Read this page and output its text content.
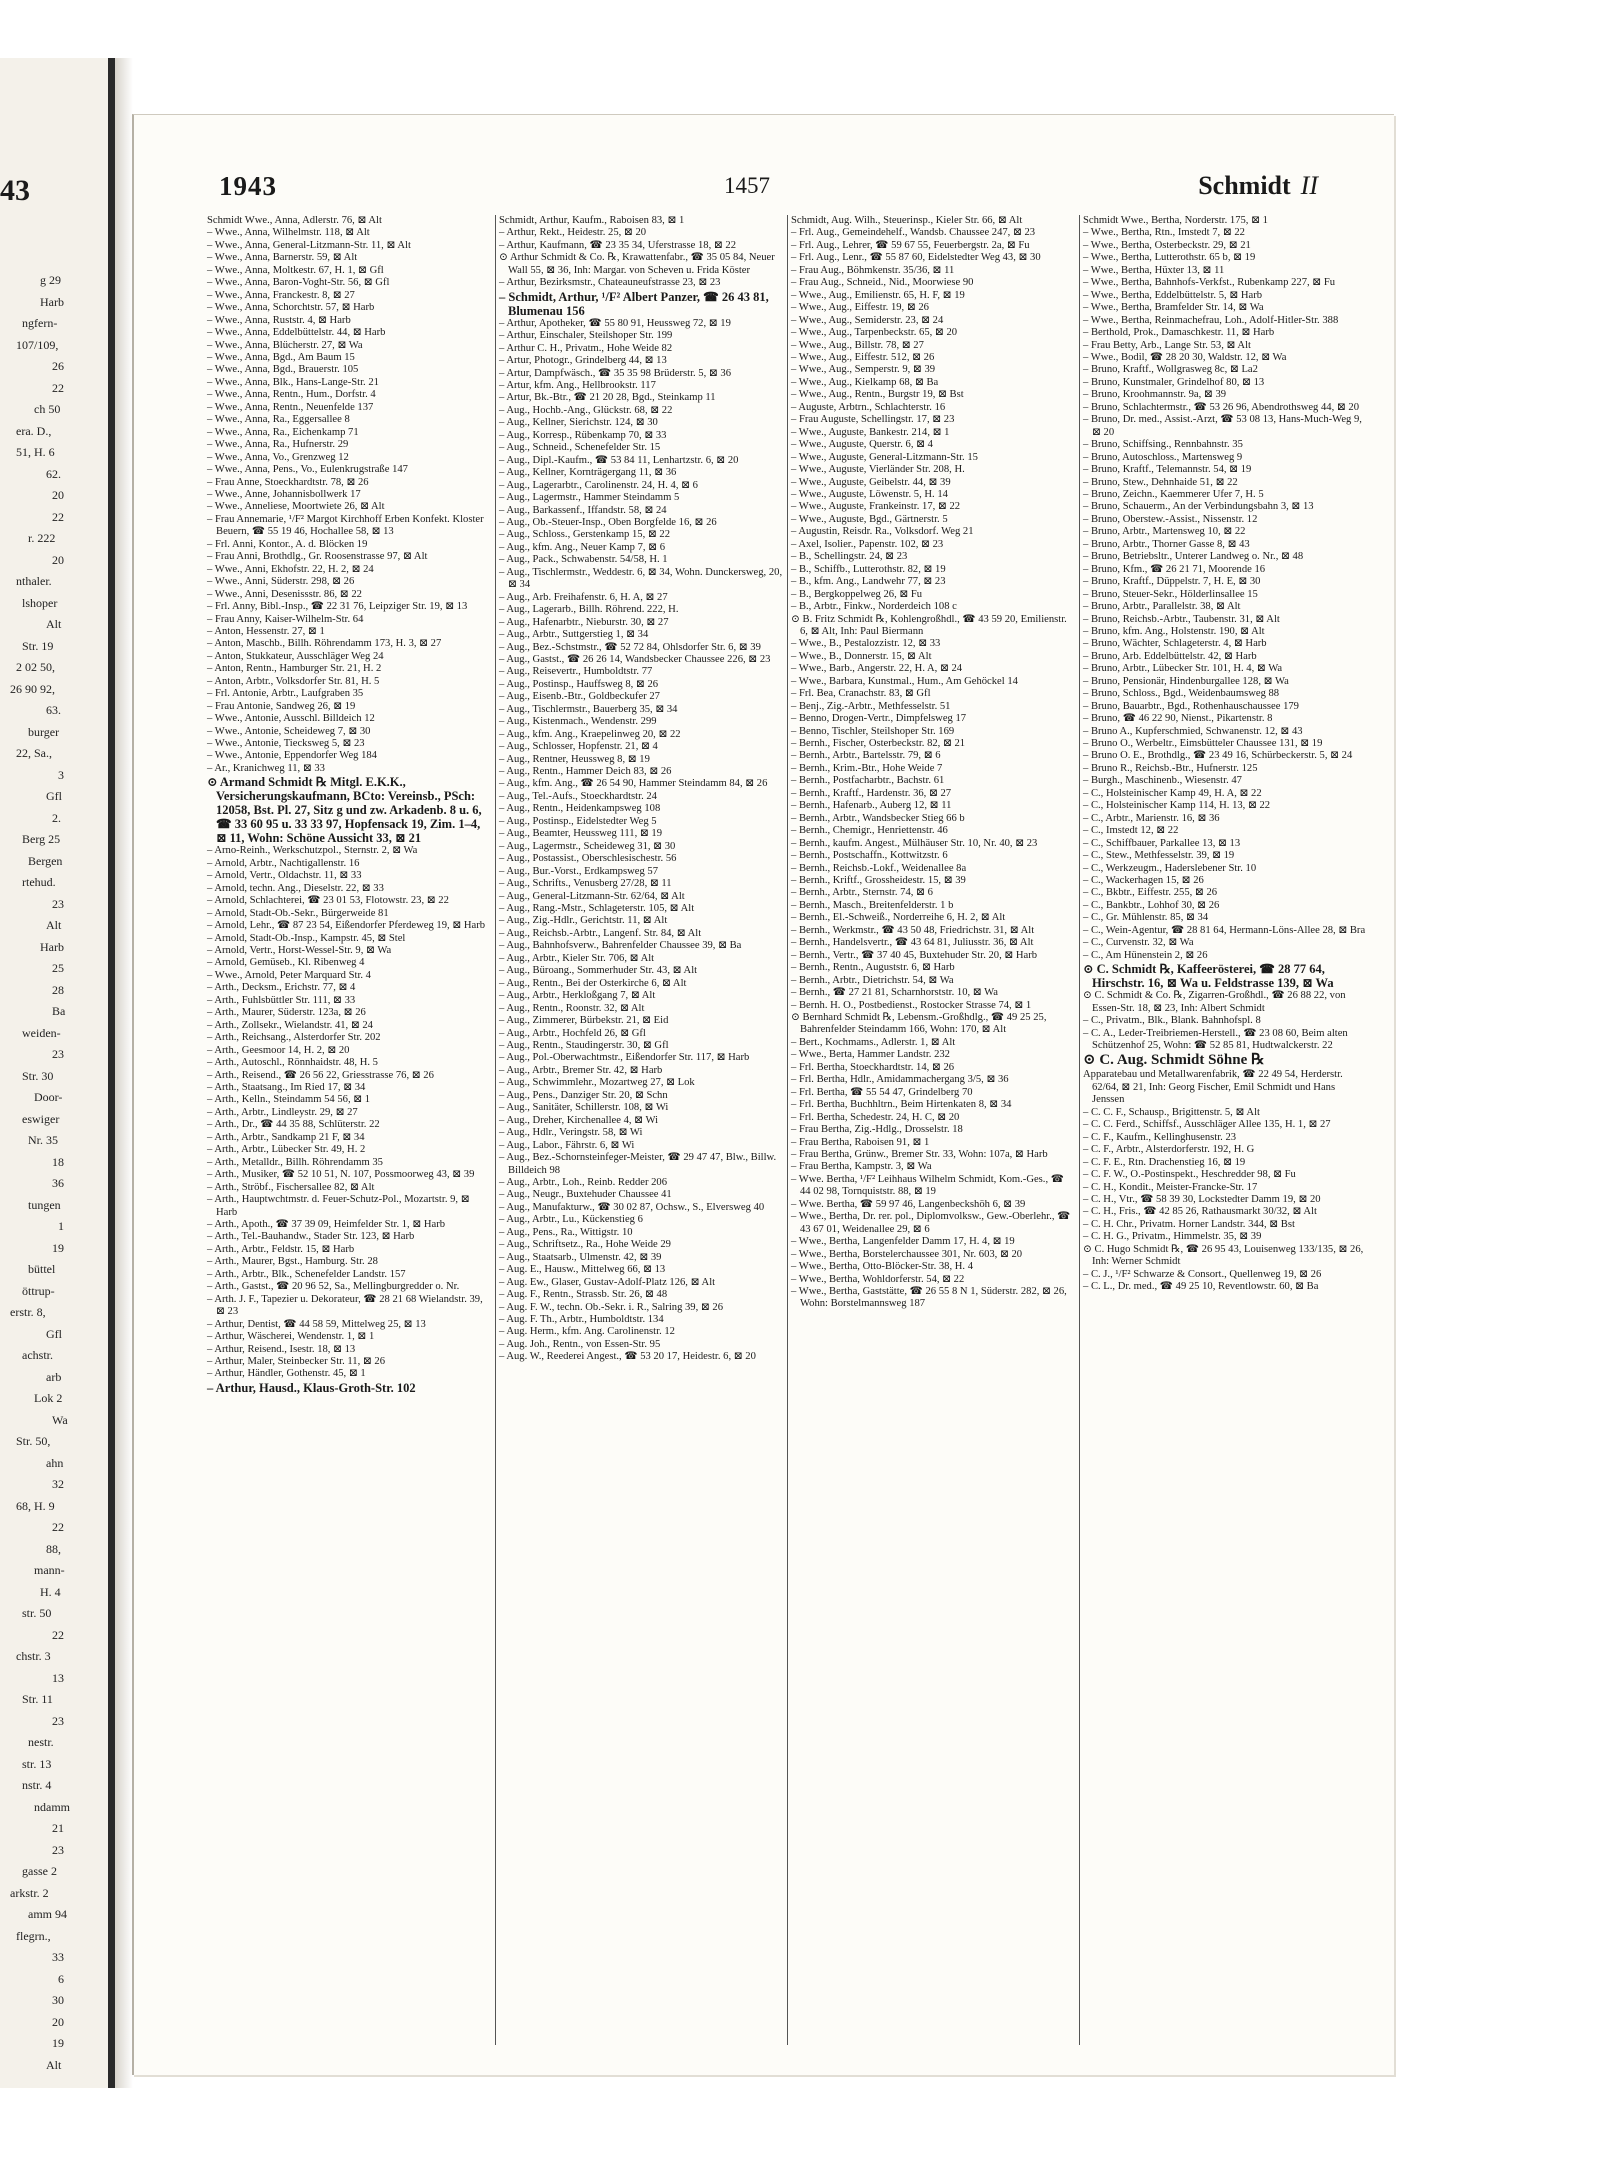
43
g 29
Harb
ngfern-
107/109,
26
22
ch 50
era. D.,
51, H. 6
62.
20
22
r. 222
20
nthaler.
lshoper
Alt
Str. 19
2 02 50,
26 90 92,
63.
burger
22, Sa.,
3
Gfl
2.
Berg 25
Bergen
rtehud.
23
Alt
Harb
25
28
Ba
weiden-
23
Str. 30
Door-
eswiger
Nr. 35
18
36
tungen
1
19
büttel
öttrup-
erstr. 8,
Gfl
achstr.
arb
Lok 2
Wa
Str. 50,
ahn
32
68, H. 9
22
88,
mann-
H. 4
str. 50
22
chstr. 3
13
Str. 11
23
nestr.
str. 13
nstr. 4
ndamm
21
23
gasse 2
arkstr. 2
amm 94
flegrn.,
33
6
30
20
19
Alt
1943	1457	Schmidt II
Schmidt Wwe., Anna, Adlerstr. 76, ⊠ Alt
– Wwe., Anna, Wilhelmstr. 118, ⊠ Alt
– Wwe., Anna, General-Litzmann-Str. 11, ⊠ Alt
– Wwe., Anna, Barnerstr. 59, ⊠ Alt
– Wwe., Anna, Moltkestr. 67, H. 1, ⊠ Gfl
– Wwe., Anna, Baron-Voght-Str. 56, ⊠ Gfl
– Wwe., Anna, Franckestr. 8, ⊠ 27
– Wwe., Anna, Schorchtstr. 57, ⊠ Harb
– Wwe., Anna, Ruststr. 4, ⊠ Harb
– Wwe., Anna, Eddelbüttelstr. 44, ⊠ Harb
– Wwe., Anna, Blücherstr. 27, ⊠ Wa
– Wwe., Anna, Bgd., Am Baum 15
– Wwe., Anna, Bgd., Brauerstr. 105
– Wwe., Anna, Blk., Hans-Lange-Str. 21
– Wwe., Anna, Rentn., Hum., Dorfstr. 4
– Wwe., Anna, Rentn., Neuenfelde 137
– Wwe., Anna, Ra., Eggersallee 8
– Wwe., Anna, Ra., Eichenkamp 71
– Wwe., Anna, Ra., Hufnerstr. 29
– Wwe., Anna, Vo., Grenzweg 12
– Wwe., Anna, Pens., Vo., Eulenkrugstraße 147
– Frau Anne, Stoeckhardtstr. 78, ⊠ 26
– Wwe., Anne, Johannisbollwerk 17
– Wwe., Anneliese, Moortwiete 26, ⊠ Alt
– Frau Annemarie, ¹/F² Margot Kirchhoff Erben Konfekt. Kloster Beuern, ☎ 55 19 46, Hochallee 58, ⊠ 13
– Frl. Anni, Kontor., A. d. Blöcken 19
– Frau Anni, Brothdlg., Gr. Roosenstrasse 97, ⊠ Alt
– Wwe., Anni, Ekhofstr. 22, H. 2, ⊠ 24
– Wwe., Anni, Süderstr. 298, ⊠ 26
– Wwe., Anni, Desenissstr. 86, ⊠ 22
– Frl. Anny, Bibl.-Insp., ☎ 22 31 76, Leipziger Str. 19, ⊠ 13
– Frau Anny, Kaiser-Wilhelm-Str. 64
– Anton, Hessenstr. 27, ⊠ 1
– Anton, Maschb., Billh. Röhrendamm 173, H. 3, ⊠ 27
– Anton, Stukkateur, Ausschläger Weg 24
– Anton, Rentn., Hamburger Str. 21, H. 2
– Anton, Arbtr., Volksdorfer Str. 81, H. 5
– Frl. Antonie, Arbtr., Laufgraben 35
– Frau Antonie, Sandweg 26, ⊠ 19
– Wwe., Antonie, Ausschl. Billdeich 12
– Wwe., Antonie, Scheideweg 7, ⊠ 30
– Wwe., Antonie, Tiecksweg 5, ⊠ 23
– Wwe., Antonie, Eppendorfer Weg 184
– Ar., Kranichweg 11, ⊠ 33
⊙ Armand Schmidt ℞ Mitgl. E.K.K., Versicherungskaufmann, BCto: Vereinsb., PSch: 12058, Bst. Pl. 27, Sitz g und zw. Arkadenb. 8 u. 6, ☎ 33 60 95 u. 33 33 97, Hopfensack 19, Zim. 1–4, ⊠ 11, Wohn: Schöne Aussicht 33, ⊠ 21
– Arno-Reinh., Werkschutzpol., Sternstr. 2, ⊠ Wa
– Arnold, Arbtr., Nachtigallenstr. 16
– Arnold, Vertr., Oldachstr. 11, ⊠ 33
– Arnold, techn. Ang., Dieselstr. 22, ⊠ 33
– Arnold, Schlachterei, ☎ 23 01 53, Flotowstr. 23, ⊠ 22
– Arnold, Stadt-Ob.-Sekr., Bürgerweide 81
– Arnold, Lehr., ☎ 87 23 54, Eißendorfer Pferdeweg 19, ⊠ Harb
– Arnold, Stadt-Ob.-Insp., Kampstr. 45, ⊠ Stel
– Arnold, Vertr., Horst-Wessel-Str. 9, ⊠ Wa
– Arnold, Gemüseb., Kl. Ribenweg 4
– Wwe., Arnold, Peter Marquard Str. 4
– Arth., Decksm., Erichstr. 77, ⊠ 4
– Arth., Fuhlsbüttler Str. 111, ⊠ 33
– Arth., Maurer, Süderstr. 123a, ⊠ 26
– Arth., Zollsekr., Wielandstr. 41, ⊠ 24
– Arth., Reichsang., Alsterdorfer Str. 202
– Arth., Geesmoor 14, H. 2, ⊠ 20
– Arth., Autoschl., Rönnhaidstr. 48, H. 5
– Arth., Reisend., ☎ 26 56 22, Griesstrasse 76, ⊠ 26
– Arth., Staatsang., Im Ried 17, ⊠ 34
– Arth., Kelln., Steindamm 54 56, ⊠ 1
– Arth., Arbtr., Lindleystr. 29, ⊠ 27
– Arth., Dr., ☎ 44 35 88, Schlüterstr. 22
– Arth., Arbtr., Sandkamp 21 F, ⊠ 34
– Arth., Arbtr., Lübecker Str. 49, H. 2
– Arth., Metalldr., Billh. Röhrendamm 35
– Arth., Musiker, ☎ 52 10 51, N. 107, Possmoorweg 43, ⊠ 39
– Arth., Ströbf., Fischersallee 82, ⊠ Alt
– Arth., Hauptwchtmstr. d. Feuer-Schutz-Pol., Mozartstr. 9, ⊠ Harb
– Arth., Apoth., ☎ 37 39 09, Heimfelder Str. 1, ⊠ Harb
– Arth., Tel.-Bauhandw., Stader Str. 123, ⊠ Harb
– Arth., Arbtr., Feldstr. 15, ⊠ Harb
– Arth., Maurer, Bgst., Hamburg. Str. 28
– Arth., Arbtr., Blk., Schenefelder Landstr. 157
– Arth., Gastst., ☎ 20 96 52, Sa., Mellingburgredder o. Nr.
– Arth. J. F., Tapezier u. Dekorateur, ☎ 28 21 68 Wielandstr. 39, ⊠ 23
– Arthur, Dentist, ☎ 44 58 59, Mittelweg 25, ⊠ 13
– Arthur, Wäscherei, Wendenstr. 1, ⊠ 1
– Arthur, Reisend., Isestr. 18, ⊠ 13
– Arthur, Maler, Steinbecker Str. 11, ⊠ 26
– Arthur, Händler, Gothenstr. 45, ⊠ 1
– Arthur, Hausd., Klaus-Groth-Str. 102
Schmidt, Arthur, Kaufm., Raboisen 83, ⊠ 1
– Arthur, Rekt., Heidestr. 25, ⊠ 20
– Arthur, Kaufmann, ☎ 23 35 34, Uferstrasse 18, ⊠ 22
⊙ Arthur Schmidt & Co. ℞, Krawattenfabr., ☎ 35 05 84, Neuer Wall 55, ⊠ 36, Inh: Margar. von Scheven u. Frida Köster
– Arthur, Bezirksmstr., Chateauneufstrasse 23, ⊠ 23
– Schmidt, Arthur, ¹/F² Albert Panzer, ☎ 26 43 81, Blumenau 156
– Arthur, Apotheker, ☎ 55 80 91, Heussweg 72, ⊠ 19
– Arthur, Einschaler, Steilshoper Str. 199
– Arthur C. H., Privatm., Hohe Weide 82
– Artur, Photogr., Grindelberg 44, ⊠ 13
– Artur, Dampfwäsch., ☎ 35 35 98 Brüderstr. 5, ⊠ 36
– Artur, kfm. Ang., Hellbrookstr. 117
– Artur, Bk.-Btr., ☎ 21 20 28, Bgd., Steinkamp 11
– Aug., Hochb.-Ang., Glückstr. 68, ⊠ 22
– Aug., Kellner, Sierichstr. 124, ⊠ 30
– Aug., Korresp., Rübenkamp 70, ⊠ 33
– Aug., Schneid., Schenefelder Str. 15
– Aug., Dipl.-Kaufm., ☎ 53 84 11, Lenhartzstr. 6, ⊠ 20
– Aug., Kellner, Kornträgergang 11, ⊠ 36
– Aug., Lagerarbtr., Carolinenstr. 24, H. 4, ⊠ 6
– Aug., Lagermstr., Hammer Steindamm 5
– Aug., Barkassenf., Iffandstr. 58, ⊠ 24
– Aug., Ob.-Steuer-Insp., Oben Borgfelde 16, ⊠ 26
– Aug., Schloss., Gerstenkamp 15, ⊠ 22
– Aug., kfm. Ang., Neuer Kamp 7, ⊠ 6
– Aug., Pack., Schwabenstr. 54/58, H. 1
– Aug., Tischlermstr., Weddestr. 6, ⊠ 34, Wohn. Dunckersweg, 20, ⊠ 34
– Aug., Arb. Freihafenstr. 6, H. A, ⊠ 27
– Aug., Lagerarb., Billh. Röhrend. 222, H.
– Aug., Hafenarbtr., Nieburstr. 30, ⊠ 27
– Aug., Arbtr., Suttgerstieg 1, ⊠ 34
– Aug., Bez.-Schstmstr., ☎ 52 72 84, Ohlsdorfer Str. 6, ⊠ 39
– Aug., Gastst., ☎ 26 26 14, Wandsbecker Chaussee 226, ⊠ 23
– Aug., Reisevertr., Humboldtstr. 77
– Aug., Postinsp., Hauffsweg 8, ⊠ 26
– Aug., Eisenb.-Btr., Goldbeckufer 27
– Aug., Tischlermstr., Bauerberg 35, ⊠ 34
– Aug., Kistenmach., Wendenstr. 299
– Aug., kfm. Ang., Kraepelinweg 20, ⊠ 22
– Aug., Schlosser, Hopfenstr. 21, ⊠ 4
– Aug., Rentner, Heussweg 8, ⊠ 19
– Aug., Rentn., Hammer Deich 83, ⊠ 26
– Aug., kfm. Ang., ☎ 26 54 90, Hammer Steindamm 84, ⊠ 26
– Aug., Tel.-Aufs., Stoeckhardtstr. 24
– Aug., Rentn., Heidenkampsweg 108
– Aug., Postinsp., Eidelstedter Weg 5
– Aug., Beamter, Heussweg 111, ⊠ 19
– Aug., Lagermstr., Scheideweg 31, ⊠ 30
– Aug., Postassist., Oberschlesischestr. 56
– Aug., Bur.-Vorst., Erdkampsweg 57
– Aug., Schrifts., Venusberg 27/28, ⊠ 11
– Aug., General-Litzmann-Str. 62/64, ⊠ Alt
– Aug., Rang.-Mstr., Schlageterstr. 105, ⊠ Alt
– Aug., Zig.-Hdlr., Gerichtstr. 11, ⊠ Alt
– Aug., Reichsb.-Arbtr., Langenf. Str. 84, ⊠ Alt
– Aug., Bahnhofsverw., Bahrenfelder Chaussee 39, ⊠ Ba
– Aug., Arbtr., Kieler Str. 706, ⊠ Alt
– Aug., Büroang., Sommerhuder Str. 43, ⊠ Alt
– Aug., Rentn., Bei der Osterkirche 6, ⊠ Alt
– Aug., Arbtr., Herkloßgang 7, ⊠ Alt
– Aug., Rentn., Roonstr. 32, ⊠ Alt
– Aug., Zimmerer, Bürbekstr. 21, ⊠ Eid
– Aug., Arbtr., Hochfeld 26, ⊠ Gfl
– Aug., Rentn., Staudingerstr. 30, ⊠ Gfl
– Aug., Pol.-Oberwachtmstr., Eißendorfer Str. 117, ⊠ Harb
– Aug., Arbtr., Bremer Str. 42, ⊠ Harb
– Aug., Schwimmlehr., Mozartweg 27, ⊠ Lok
– Aug., Pens., Danziger Str. 20, ⊠ Schn
– Aug., Sanitäter, Schillerstr. 108, ⊠ Wi
– Aug., Dreher, Kirchenallee 4, ⊠ Wi
– Aug., Hdlr., Veringstr. 58, ⊠ Wi
– Aug., Labor., Fährstr. 6, ⊠ Wi
– Aug., Bez.-Schornsteinfeger-Meister, ☎ 29 47 47, Blw., Billw. Billdeich 98
– Aug., Arbtr., Loh., Reinb. Redder 206
– Aug., Neugr., Buxtehuder Chaussee 41
– Aug., Manufakturw., ☎ 30 02 87, Ochsw., S., Elversweg 40
– Aug., Arbtr., Lu., Kückenstieg 6
– Aug., Pens., Ra., Wittigstr. 10
– Aug., Schriftsetz., Ra., Hohe Weide 29
– Aug., Staatsarb., Ulmenstr. 42, ⊠ 39
– Aug. E., Hausw., Mittelweg 66, ⊠ 13
– Aug. Ew., Glaser, Gustav-Adolf-Platz 126, ⊠ Alt
– Aug. F., Rentn., Strassb. Str. 26, ⊠ 48
– Aug. F. W., techn. Ob.-Sekr. i. R., Salring 39, ⊠ 26
– Aug. F. Th., Arbtr., Humboldtstr. 134
– Aug. Herm., kfm. Ang. Carolinenstr. 12
– Aug. Joh., Rentn., von Essen-Str. 95
– Aug. W., Reederei Angest., ☎ 53 20 17, Heidestr. 6, ⊠ 20
Schmidt, Aug. Wilh., Steuerinsp., Kieler Str. 66, ⊠ Alt
– Frl. Aug., Gemeindehelf., Wandsb. Chaussee 247, ⊠ 23
– Frl. Aug., Lehrer, ☎ 59 67 55, Feuerbergstr. 2a, ⊠ Fu
– Frl. Aug., Lenr., ☎ 55 87 60, Eidelstedter Weg 43, ⊠ 30
– Frau Aug., Böhmkenstr. 35/36, ⊠ 11
– Frau Aug., Schneid., Nid., Moorwiese 90
– Wwe., Aug., Emilienstr. 65, H. F, ⊠ 19
– Wwe., Aug., Eiffestr. 19, ⊠ 26
– Wwe., Aug., Semiderstr. 23, ⊠ 24
– Wwe., Aug., Tarpenbeckstr. 65, ⊠ 20
– Wwe., Aug., Billstr. 78, ⊠ 27
– Wwe., Aug., Eiffestr. 512, ⊠ 26
– Wwe., Aug., Semperstr. 9, ⊠ 39
– Wwe., Aug., Kielkamp 68, ⊠ Ba
– Wwe., Aug., Rentn., Burgstr 19, ⊠ Bst
– Auguste, Arbtrn., Schlachterstr. 16
– Frau Auguste, Schellingstr. 17, ⊠ 23
– Wwe., Auguste, Bankestr. 214, ⊠ 1
– Wwe., Auguste, Querstr. 6, ⊠ 4
– Wwe., Auguste, General-Litzmann-Str. 15
– Wwe., Auguste, Vierländer Str. 208, H.
– Wwe., Auguste, Geibelstr. 44, ⊠ 39
– Wwe., Auguste, Löwenstr. 5, H. 14
– Wwe., Auguste, Frankeinstr. 17, ⊠ 22
– Wwe., Auguste, Bgd., Gärtnerstr. 5
– Augustin, Reisdr. Ra., Volksdorf. Weg 21
– Axel, Isolier., Papenstr. 102, ⊠ 23
– B., Schellingstr. 24, ⊠ 23
– B., Schiffb., Lutterothstr. 82, ⊠ 19
– B., kfm. Ang., Landwehr 77, ⊠ 23
– B., Bergkoppelweg 26, ⊠ Fu
– B., Arbtr., Finkw., Norderdeich 108 c
⊙ B. Fritz Schmidt ℞, Kohlengroßhdl., ☎ 43 59 20, Emilienstr. 6, ⊠ Alt, Inh: Paul Biermann
– Wwe., B., Pestalozzistr. 12, ⊠ 33
– Wwe., B., Donnerstr. 15, ⊠ Alt
– Wwe., Barb., Angerstr. 22, H. A, ⊠ 24
– Wwe., Barbara, Kunstmal., Hum., Am Gehöckel 14
– Frl. Bea, Cranachstr. 83, ⊠ Gfl
– Benj., Zig.-Arbtr., Methfesselstr. 51
– Benno, Drogen-Vertr., Dimpfelsweg 17
– Benno, Tischler, Steilshoper Str. 169
– Bernh., Fischer, Osterbeckstr. 82, ⊠ 21
– Bernh., Arbtr., Bartelsstr. 79, ⊠ 6
– Bernh., Krim.-Btr., Hohe Weide 7
– Bernh., Postfacharbtr., Bachstr. 61
– Bernh., Kraftf., Hardenstr. 36, ⊠ 27
– Bernh., Hafenarb., Auberg 12, ⊠ 11
– Bernh., Arbtr., Wandsbecker Stieg 66 b
– Bernh., Chemigr., Henriettenstr. 46
– Bernh., kaufm. Angest., Mülhäuser Str. 10, Nr. 40, ⊠ 23
– Bernh., Postschaffn., Kottwitzstr. 6
– Bernh., Reichsb.-Lokf., Weidenallee 8a
– Bernh., Kriftf., Grossheidestr. 15, ⊠ 39
– Bernh., Arbtr., Sternstr. 74, ⊠ 6
– Bernh., Masch., Breitenfelderstr. 1 b
– Bernh., El.-Schweiß., Norderreihe 6, H. 2, ⊠ Alt
– Bernh., Werkmstr., ☎ 43 50 48, Friedrichstr. 31, ⊠ Alt
– Bernh., Handelsvertr., ☎ 43 64 81, Juliusstr. 36, ⊠ Alt
– Bernh., Vertr., ☎ 37 40 45, Buxtehuder Str. 20, ⊠ Harb
– Bernh., Rentn., Auguststr. 6, ⊠ Harb
– Bernh., Arbtr., Dietrichstr. 54, ⊠ Wa
– Bernh., ☎ 27 21 81, Scharnhorststr. 10, ⊠ Wa
– Bernh. H. O., Postbedienst., Rostocker Strasse 74, ⊠ 1
⊙ Bernhard Schmidt ℞, Lebensm.-Großhdlg., ☎ 49 25 25, Bahrenfelder Steindamm 166, Wohn: 170, ⊠ Alt
– Bert., Kochmams., Adlerstr. 1, ⊠ Alt
– Wwe., Berta, Hammer Landstr. 232
– Frl. Bertha, Stoeckhardtstr. 14, ⊠ 26
– Frl. Bertha, Hdlr., Amidammachergang 3/5, ⊠ 36
– Frl. Bertha, ☎ 55 54 47, Grindelberg 70
– Frl. Bertha, Buchhltrn., Beim Hirtenkaten 8, ⊠ 34
– Frl. Bertha, Schedestr. 24, H. C, ⊠ 20
– Frau Bertha, Zig.-Hdlg., Drosselstr. 18
– Frau Bertha, Raboisen 91, ⊠ 1
– Frau Bertha, Grünw., Bremer Str. 33, Wohn: 107a, ⊠ Harb
– Frau Bertha, Kampstr. 3, ⊠ Wa
– Wwe. Bertha, ¹/F² Leihhaus Wilhelm Schmidt, Kom.-Ges., ☎ 44 02 98, Tornquiststr. 88, ⊠ 19
– Wwe. Bertha, ☎ 59 97 46, Langenbeckshöh 6, ⊠ 39
– Wwe., Bertha, Dr. rer. pol., Diplomvolksw., Gew.-Oberlehr., ☎ 43 67 01, Weidenallee 29, ⊠ 6
– Wwe., Bertha, Langenfelder Damm 17, H. 4, ⊠ 19
– Wwe., Bertha, Borstelerchaussee 301, Nr. 603, ⊠ 20
– Wwe., Bertha, Otto-Blöcker-Str. 38, H. 4
– Wwe., Bertha, Wohldorferstr. 54, ⊠ 22
– Wwe., Bertha, Gaststätte, ☎ 26 55 8 N 1, Süderstr. 282, ⊠ 26, Wohn: Borstelmannsweg 187
Schmidt Wwe., Bertha, Norderstr. 175, ⊠ 1
– Wwe., Bertha, Rtn., Imstedt 7, ⊠ 22
– Wwe., Bertha, Osterbeckstr. 29, ⊠ 21
– Wwe., Bertha, Lutterothstr. 65 b, ⊠ 19
– Wwe., Bertha, Hüxter 13, ⊠ 11
– Wwe., Bertha, Bahnhofs-Verkfst., Rubenkamp 227, ⊠ Fu
– Wwe., Bertha, Eddelbüttelstr. 5, ⊠ Harb
– Wwe., Bertha, Bramfelder Str. 14, ⊠ Wa
– Wwe., Bertha, Reinmachefrau, Loh., Adolf-Hitler-Str. 388
– Berthold, Prok., Damaschkestr. 11, ⊠ Harb
– Frau Betty, Arb., Lange Str. 53, ⊠ Alt
– Wwe., Bodil, ☎ 28 20 30, Waldstr. 12, ⊠ Wa
– Bruno, Kraftf., Wollgrasweg 8c, ⊠ La2
– Bruno, Kunstmaler, Grindelhof 80, ⊠ 13
– Bruno, Kroohmannstr. 9a, ⊠ 39
– Bruno, Schlachtermstr., ☎ 53 26 96, Abendrothsweg 44, ⊠ 20
– Bruno, Dr. med., Assist.-Arzt, ☎ 53 08 13, Hans-Much-Weg 9, ⊠ 20
– Bruno, Schiffsing., Rennbahnstr. 35
– Bruno, Autoschloss., Martensweg 9
– Bruno, Kraftf., Telemannstr. 54, ⊠ 19
– Bruno, Stew., Dehnhaide 51, ⊠ 22
– Bruno, Zeichn., Kaemmerer Ufer 7, H. 5
– Bruno, Schauerm., An der Verbindungsbahn 3, ⊠ 13
– Bruno, Oberstew.-Assist., Nissenstr. 12
– Bruno, Arbtr., Martensweg 10, ⊠ 22
– Bruno, Arbtr., Thorner Gasse 8, ⊠ 43
– Bruno, Betriebsltr., Unterer Landweg o. Nr., ⊠ 48
– Bruno, Kfm., ☎ 26 21 71, Moorende 16
– Bruno, Kraftf., Düppelstr. 7, H. E, ⊠ 30
– Bruno, Steuer-Sekr., Hölderlinsallee 15
– Bruno, Arbtr., Parallelstr. 38, ⊠ Alt
– Bruno, Reichsb.-Arbtr., Taubenstr. 31, ⊠ Alt
– Bruno, kfm. Ang., Holstenstr. 190, ⊠ Alt
– Bruno, Wächter, Schlageterstr. 4, ⊠ Harb
– Bruno, Arb. Eddelbüttelstr. 42, ⊠ Harb
– Bruno, Arbtr., Lübecker Str. 101, H. 4, ⊠ Wa
– Bruno, Pensionär, Hindenburgallee 128, ⊠ Wa
– Bruno, Schloss., Bgd., Weidenbaumsweg 88
– Bruno, Bauarbtr., Bgd., Rothenhauschaussee 179
– Bruno, ☎ 46 22 90, Nienst., Pikartenstr. 8
– Bruno A., Kupferschmied, Schwanenstr. 12, ⊠ 43
– Bruno O., Werbeltr., Eimsbütteler Chaussee 131, ⊠ 19
– Bruno O. E., Brothdlg., ☎ 23 49 16, Schürbeckerstr. 5, ⊠ 24
– Bruno R., Reichsb.-Btr., Hufnerstr. 125
– Burgh., Maschinenb., Wiesenstr. 47
– C., Holsteinischer Kamp 49, H. A, ⊠ 22
– C., Holsteinischer Kamp 114, H. 13, ⊠ 22
– C., Arbtr., Marienstr. 16, ⊠ 36
– C., Imstedt 12, ⊠ 22
– C., Schiffbauer, Parkallee 13, ⊠ 13
– C., Stew., Methfesselstr. 39, ⊠ 19
– C., Werkzeugm., Haderslebener Str. 10
– C., Wackerhagen 15, ⊠ 26
– C., Bkbtr., Eiffestr. 255, ⊠ 26
– C., Bankbtr., Lohhof 30, ⊠ 26
– C., Gr. Mühlenstr. 85, ⊠ 34
– C., Wein-Agentur, ☎ 28 81 64, Hermann-Löns-Allee 28, ⊠ Bra
– C., Curvenstr. 32, ⊠ Wa
– C., Am Hünenstein 2, ⊠ 26
⊙ C. Schmidt ℞, Kaffeerösterei, ☎ 28 77 64, Hirschstr. 16, ⊠ Wa u. Feldstrasse 139, ⊠ Wa
⊙ C. Schmidt & Co. ℞, Zigarren-Großhdl., ☎ 26 88 22, von Essen-Str. 18, ⊠ 23, Inh: Albert Schmidt
– C., Privatm., Blk., Blank. Bahnhofspl. 8
– C. A., Leder-Treibriemen-Herstell., ☎ 23 08 60, Beim alten Schützenhof 25, Wohn: ☎ 52 85 81, Hudtwalckerstr. 22
⊙ C. Aug. Schmidt Söhne ℞
Apparatebau und Metallwarenfabrik, ☎ 22 49 54, Herderstr. 62/64, ⊠ 21, Inh: Georg Fischer, Emil Schmidt und Hans Jenssen
– C. C. F., Schausp., Brigittenstr. 5, ⊠ Alt
– C. C. Ferd., Schiffsf., Ausschläger Allee 135, H. 1, ⊠ 27
– C. F., Kaufm., Kellinghusenstr. 23
– C. F., Arbtr., Alsterdorferstr. 192, H. G
– C. F. E., Rtn. Drachenstieg 16, ⊠ 19
– C. F. W., O.-Postinspekt., Heschredder 98, ⊠ Fu
– C. H., Kondit., Meister-Francke-Str. 17
– C. H., Vtr., ☎ 58 39 30, Lockstedter Damm 19, ⊠ 20
– C. H., Fris., ☎ 42 85 26, Rathausmarkt 30/32, ⊠ Alt
– C. H. Chr., Privatm. Horner Landstr. 344, ⊠ Bst
– C. H. G., Privatm., Himmelstr. 35, ⊠ 39
⊙ C. Hugo Schmidt ℞, ☎ 26 95 43, Louisenweg 133/135, ⊠ 26, Inh: Werner Schmidt
– C. J., ¹/F² Schwarze & Consort., Quellenweg 19, ⊠ 26
– C. L., Dr. med., ☎ 49 25 10, Reventlowstr. 60, ⊠ Ba
